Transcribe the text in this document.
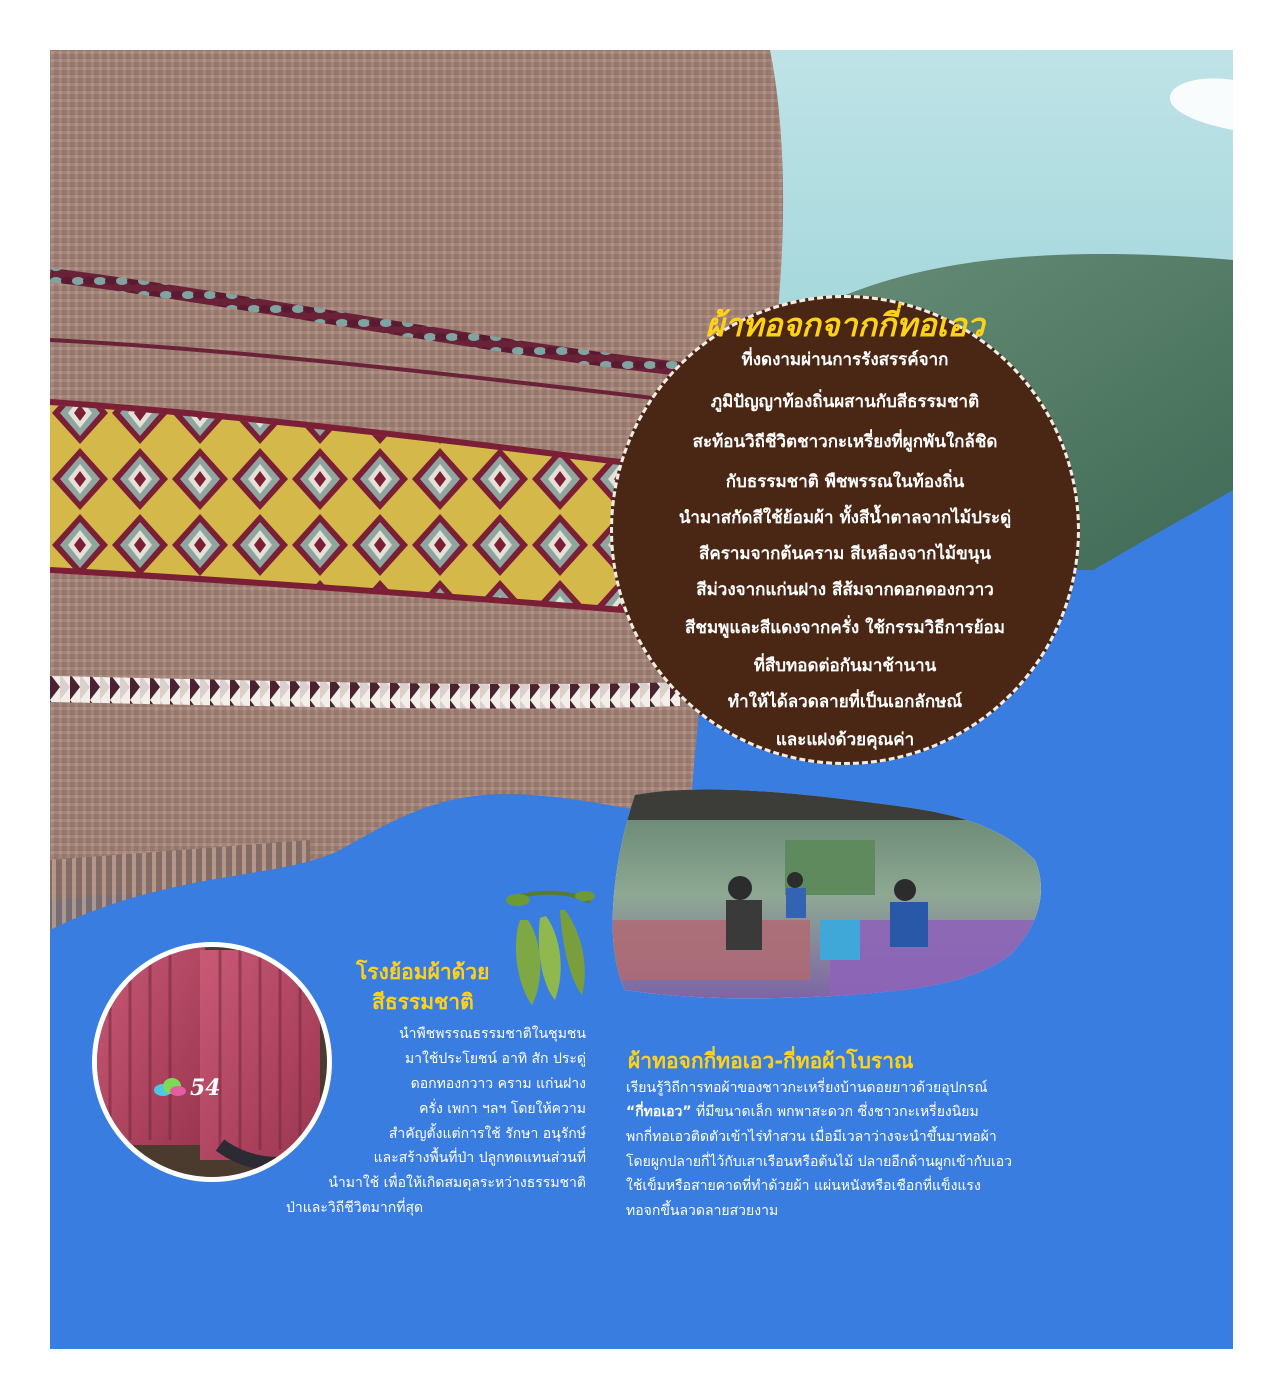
ผ้าทอจกจากกี่ทอเอว
ที่งดงามผ่านการรังสรรค์จาก
ภูมิปัญญาท้องถิ่นผสานกับสีธรรมชาติ
สะท้อนวิถีชีวิตชาวกะเหรี่ยงที่ผูกพันใกล้ชิด
กับธรรมชาติ พืชพรรณในท้องถิ่น
นำมาสกัดสีใช้ย้อมผ้า ทั้งสีน้ำตาลจากไม้ประดู่
สีครามจากต้นคราม สีเหลืองจากไม้ขนุน
สีม่วงจากแก่นฝาง สีส้มจากดอกดองกวาว
สีชมพูและสีแดงจากครั่ง ใช้กรรมวิธีการย้อม
ที่สืบทอดต่อกันมาช้านาน
ทำให้ได้ลวดลายที่เป็นเอกลักษณ์
และแฝงด้วยคุณค่า
โรงย้อมผ้าด้วย
สีธรรมชาติ
นำพืชพรรณธรรมชาติในชุมชน
มาใช้ประโยชน์ อาทิ สัก ประดู่
ดอกทองกวาว คราม แก่นฝาง
ครั่ง เพกา ฯลฯ โดยให้ความ
สำคัญตั้งแต่การใช้ รักษา อนุรักษ์
และสร้างพื้นที่ป่า ปลูกทดแทนส่วนที่
นำมาใช้ เพื่อให้เกิดสมดุลระหว่างธรรมชาติ
ป่าและวิถีชีวิตมากที่สุด
ผ้าทอจกกี่ทอเอว-กี่ทอผ้าโบราณ
เรียนรู้วิถีการทอผ้าของชาวกะเหรี่ยงบ้านดอยยาวด้วยอุปกรณ์
“กี่ทอเอว” ที่มีขนาดเล็ก พกพาสะดวก ซึ่งชาวกะเหรี่ยงนิยม
พกกี่ทอเอวติดตัวเข้าไร่ทำสวน เมื่อมีเวลาว่างจะนำขึ้นมาทอผ้า
โดยผูกปลายกี่ไว้กับเสาเรือนหรือต้นไม้ ปลายอีกด้านผูกเข้ากับเอว
ใช้เข็มหรือสายคาดที่ทำด้วยผ้า แผ่นหนังหรือเชือกที่แข็งแรง
ทอจกขึ้นลวดลายสวยงาม
54
